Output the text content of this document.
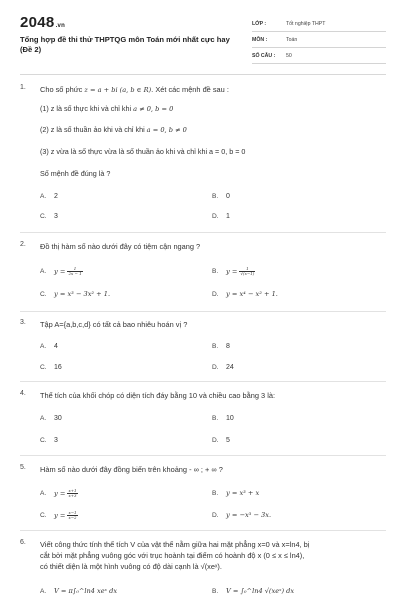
2048.vn
Tổng hợp đề thi thử THPTQG môn Toán mới nhất cực hay
(Đề 2)
LỚP :	Tốt nghiệp THPT
MÔN :	Toán
SỐ CÂU : 50
1. Cho số phức z = a + bi (a, b ∈ R). Xét các mệnh đề sau :
(1) z là số thực khi và chỉ khi a ≠ 0, b = 0
(2) z là số thuần ảo khi và chỉ khi a = 0, b ≠ 0
(3) z vừa là số thực vừa là số thuần ảo khi và chỉ khi a = 0, b = 0
Số mệnh đề đúng là ?
A. 2	B. 0
C. 3	D. 1
2. Đồ thị hàm số nào dưới đây có tiệm cận ngang ?
A. $y = \frac{1}{2x - 1}$	B. $y = \frac{1}{√(x-1)}$
C. y = x³ − 3x² + 1.	D. y = x⁴ − x² + 1.
3. Tập A={a,b,c,d} có tất cả bao nhiêu hoán vị ?
A. 4	B. 8
C. 16	D. 24
4. Thể tích của khối chóp có diện tích đáy bằng 10 và chiều cao bằng 3 là:
A. 30	B. 10
C. 3	D. 5
5. Hàm số nào dưới đây đồng biến trên khoảng - ∞ ; + ∞ ?
A. $y = \frac{x+1}{x+3}$	B. y = x³ + x
C. $y = \frac{x-1}{x-2}$	D. y = −x³ − 3x.
6. Viết công thức tính thể tích V của vật thể nằm giữa hai mặt phẳng x=0 và x=ln4, bị
cắt bởi mặt phẳng vuông góc với trục hoành tại điểm có hoành độ x (0 ≤ x ≤ ln4),
có thiết diện là một hình vuông có độ dài cạnh là √(xeˣ).
A. V = π∫₀^ln4 xeˣ dx	B. V = ∫₀^ln4 √(xeˣ) dx
